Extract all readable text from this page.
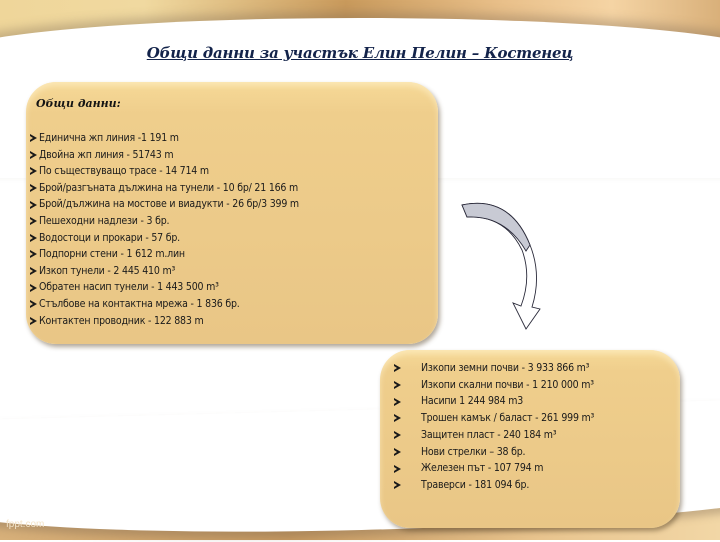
fppt.com
Общи данни за участък Елин Пелин – Костенец
Общи данни:
Единична жп линия -1 191 m
Двойна жп линия - 51743 m
По съществуващо трасе - 14 714 m
Брой/разгъната дължина на тунели - 10 бр/ 21 166 m
Брой/дължина на мостове и виадукти - 26 бр/3 399 m
Пешеходни надлези - 3 бр.
Водостоци и прокари - 57 бр.
Подпорни стени - 1 612 m.лин
Изкоп тунели - 2 445 410 m³
Обратен насип тунели - 1 443 500 m³
Стълбове на контактна мрежа - 1 836 бр.
Контактен проводник - 122 883 m
Изкопи земни почви - 3 933 866 m³
Изкопи скални почви - 1 210 000 m³
Насипи 1 244 984 m3
Трошен камък / баласт - 261 999 m³
Защитен пласт - 240 184 m³
Нови стрелки – 38 бр.
Железен път - 107 794 m
Траверси - 181 094 бр.
